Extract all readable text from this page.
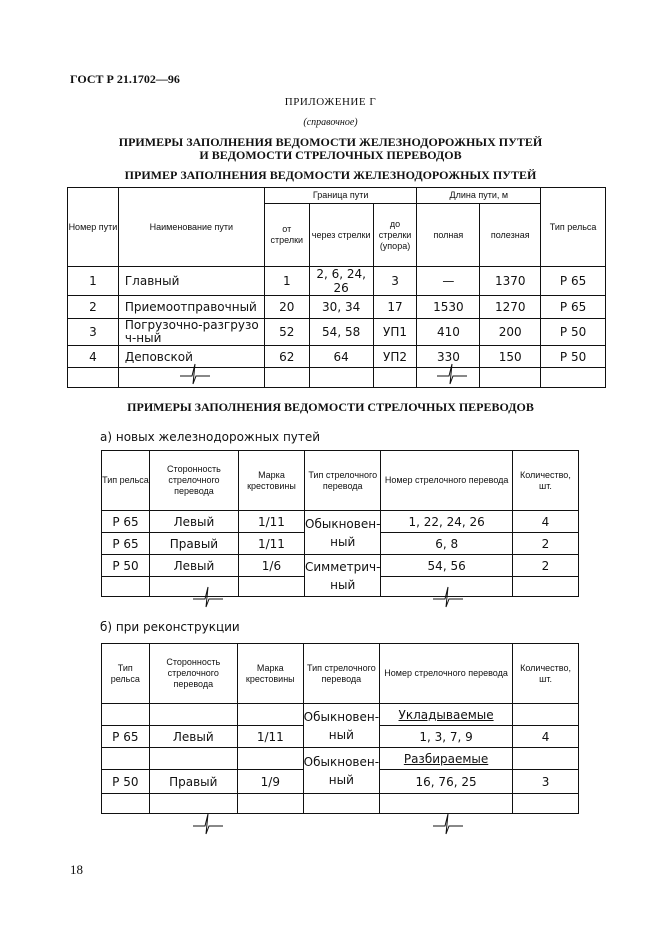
ГОСТ Р 21.1702—96
ПРИЛОЖЕНИЕ Г
(справочное)
ПРИМЕРЫ ЗАПОЛНЕНИЯ ВЕДОМОСТИ ЖЕЛЕЗНОДОРОЖНЫХ ПУТЕЙ
И ВЕДОМОСТИ СТРЕЛОЧНЫХ ПЕРЕВОДОВ
ПРИМЕР ЗАПОЛНЕНИЯ ВЕДОМОСТИ ЖЕЛЕЗНОДОРОЖНЫХ ПУТЕЙ
Номер пути	Наименование пути	Граница пути			Длина пути, м		Тип рельса
		от стрелки	через стрелки	до стрелки (упора)	полная	полезная	
1	Главный	1	2, 6, 24, 26	3	—	1370	Р 65
2	Приемоотправочный	20	30, 34	17	1530	1270	Р 65
3	Погрузочно-разгрузоч-ный	52	54, 58	УП1	410	200	Р 50
4	Деповской	62	64	УП2	330	150	Р 50

ПРИМЕРЫ ЗАПОЛНЕНИЯ ВЕДОМОСТИ СТРЕЛОЧНЫХ ПЕРЕВОДОВ
а) новых железнодорожных путей
Тип рельса	Сторонность стрелочного перевода	Марка крестовины	Тип стрелочного перевода	Номер стрелочного перевода	Количество, шт.
Р 65	Левый	1/11	Обыкновен-ный	1, 22, 24, 26	4
Р 65	Правый	1/11		6, 8	2
Р 50	Левый	1/6	Симметрич-ный	54, 56	2

б) при реконструкции
Тип рельса	Сторонность стрелочного перевода	Марка крестовины	Тип стрелочного перевода	Номер стрелочного перевода	Количество, шт.
			Обыкновен-ный	Укладываемые	
Р 65	Левый	1/11		1, 3, 7, 9	4
			Обыкновен-ный	Разбираемые	
Р 50	Правый	1/9		16, 76, 25	3

18
